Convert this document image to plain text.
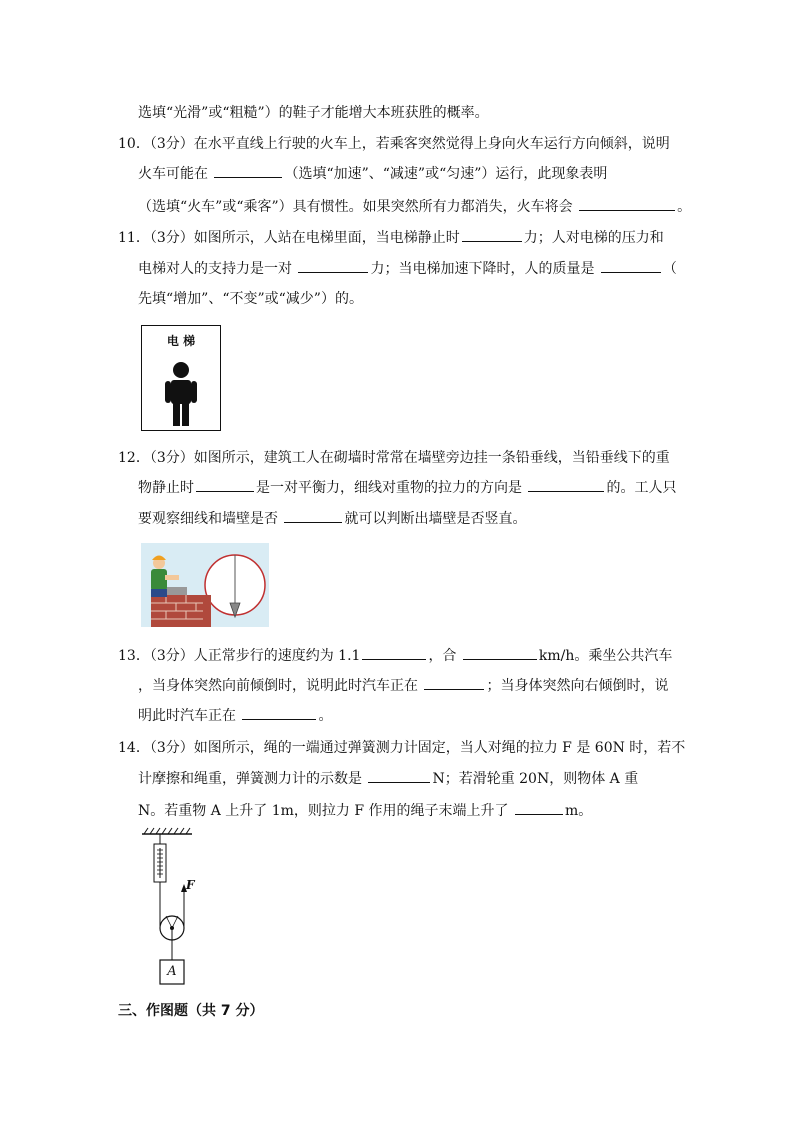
选填“光滑”或“粗糙”）的鞋子才能增大本班获胜的概率。
10．（3分）在水平直线上行驶的火车上，若乘客突然觉得上身向火车运行方向倾斜，说明
火车可能在	（选填“加速”、“减速”或“匀速”）运行，此现象表明
（选填“火车”或“乘客”）具有惯性。如果突然所有力都消失，火车将会	。
11．（3分）如图所示，人站在电梯里面，当电梯静止时	力；人对电梯的压力和
电梯对人的支持力是一对	力；当电梯加速下降时，人的质量是	（
先填“增加”、“不变”或“减少”）的。
电 梯
12．（3分）如图所示，建筑工人在砌墙时常常在墙壁旁边挂一条铅垂线，当铅垂线下的重
物静止时	是一对平衡力，细线对重物的拉力的方向是	的。工人只
要观察细线和墙壁是否	就可以判断出墙壁是否竖直。
13．（3分）人正常步行的速度约为 1.1	，合	km/h。乘坐公共汽车
，当身体突然向前倾倒时，说明此时汽车正在	；当身体突然向右倾倒时，说
明此时汽车正在	。
14．（3分）如图所示，绳的一端通过弹簧测力计固定，当人对绳的拉力 F 是 60N 时，若不
计摩擦和绳重，弹簧测力计的示数是	N；若滑轮重 20N，则物体 A 重
N。若重物 A 上升了 1m，则拉力 F 作用的绳子末端上升了	m。
F
A
三、作图题（共 7 分）
